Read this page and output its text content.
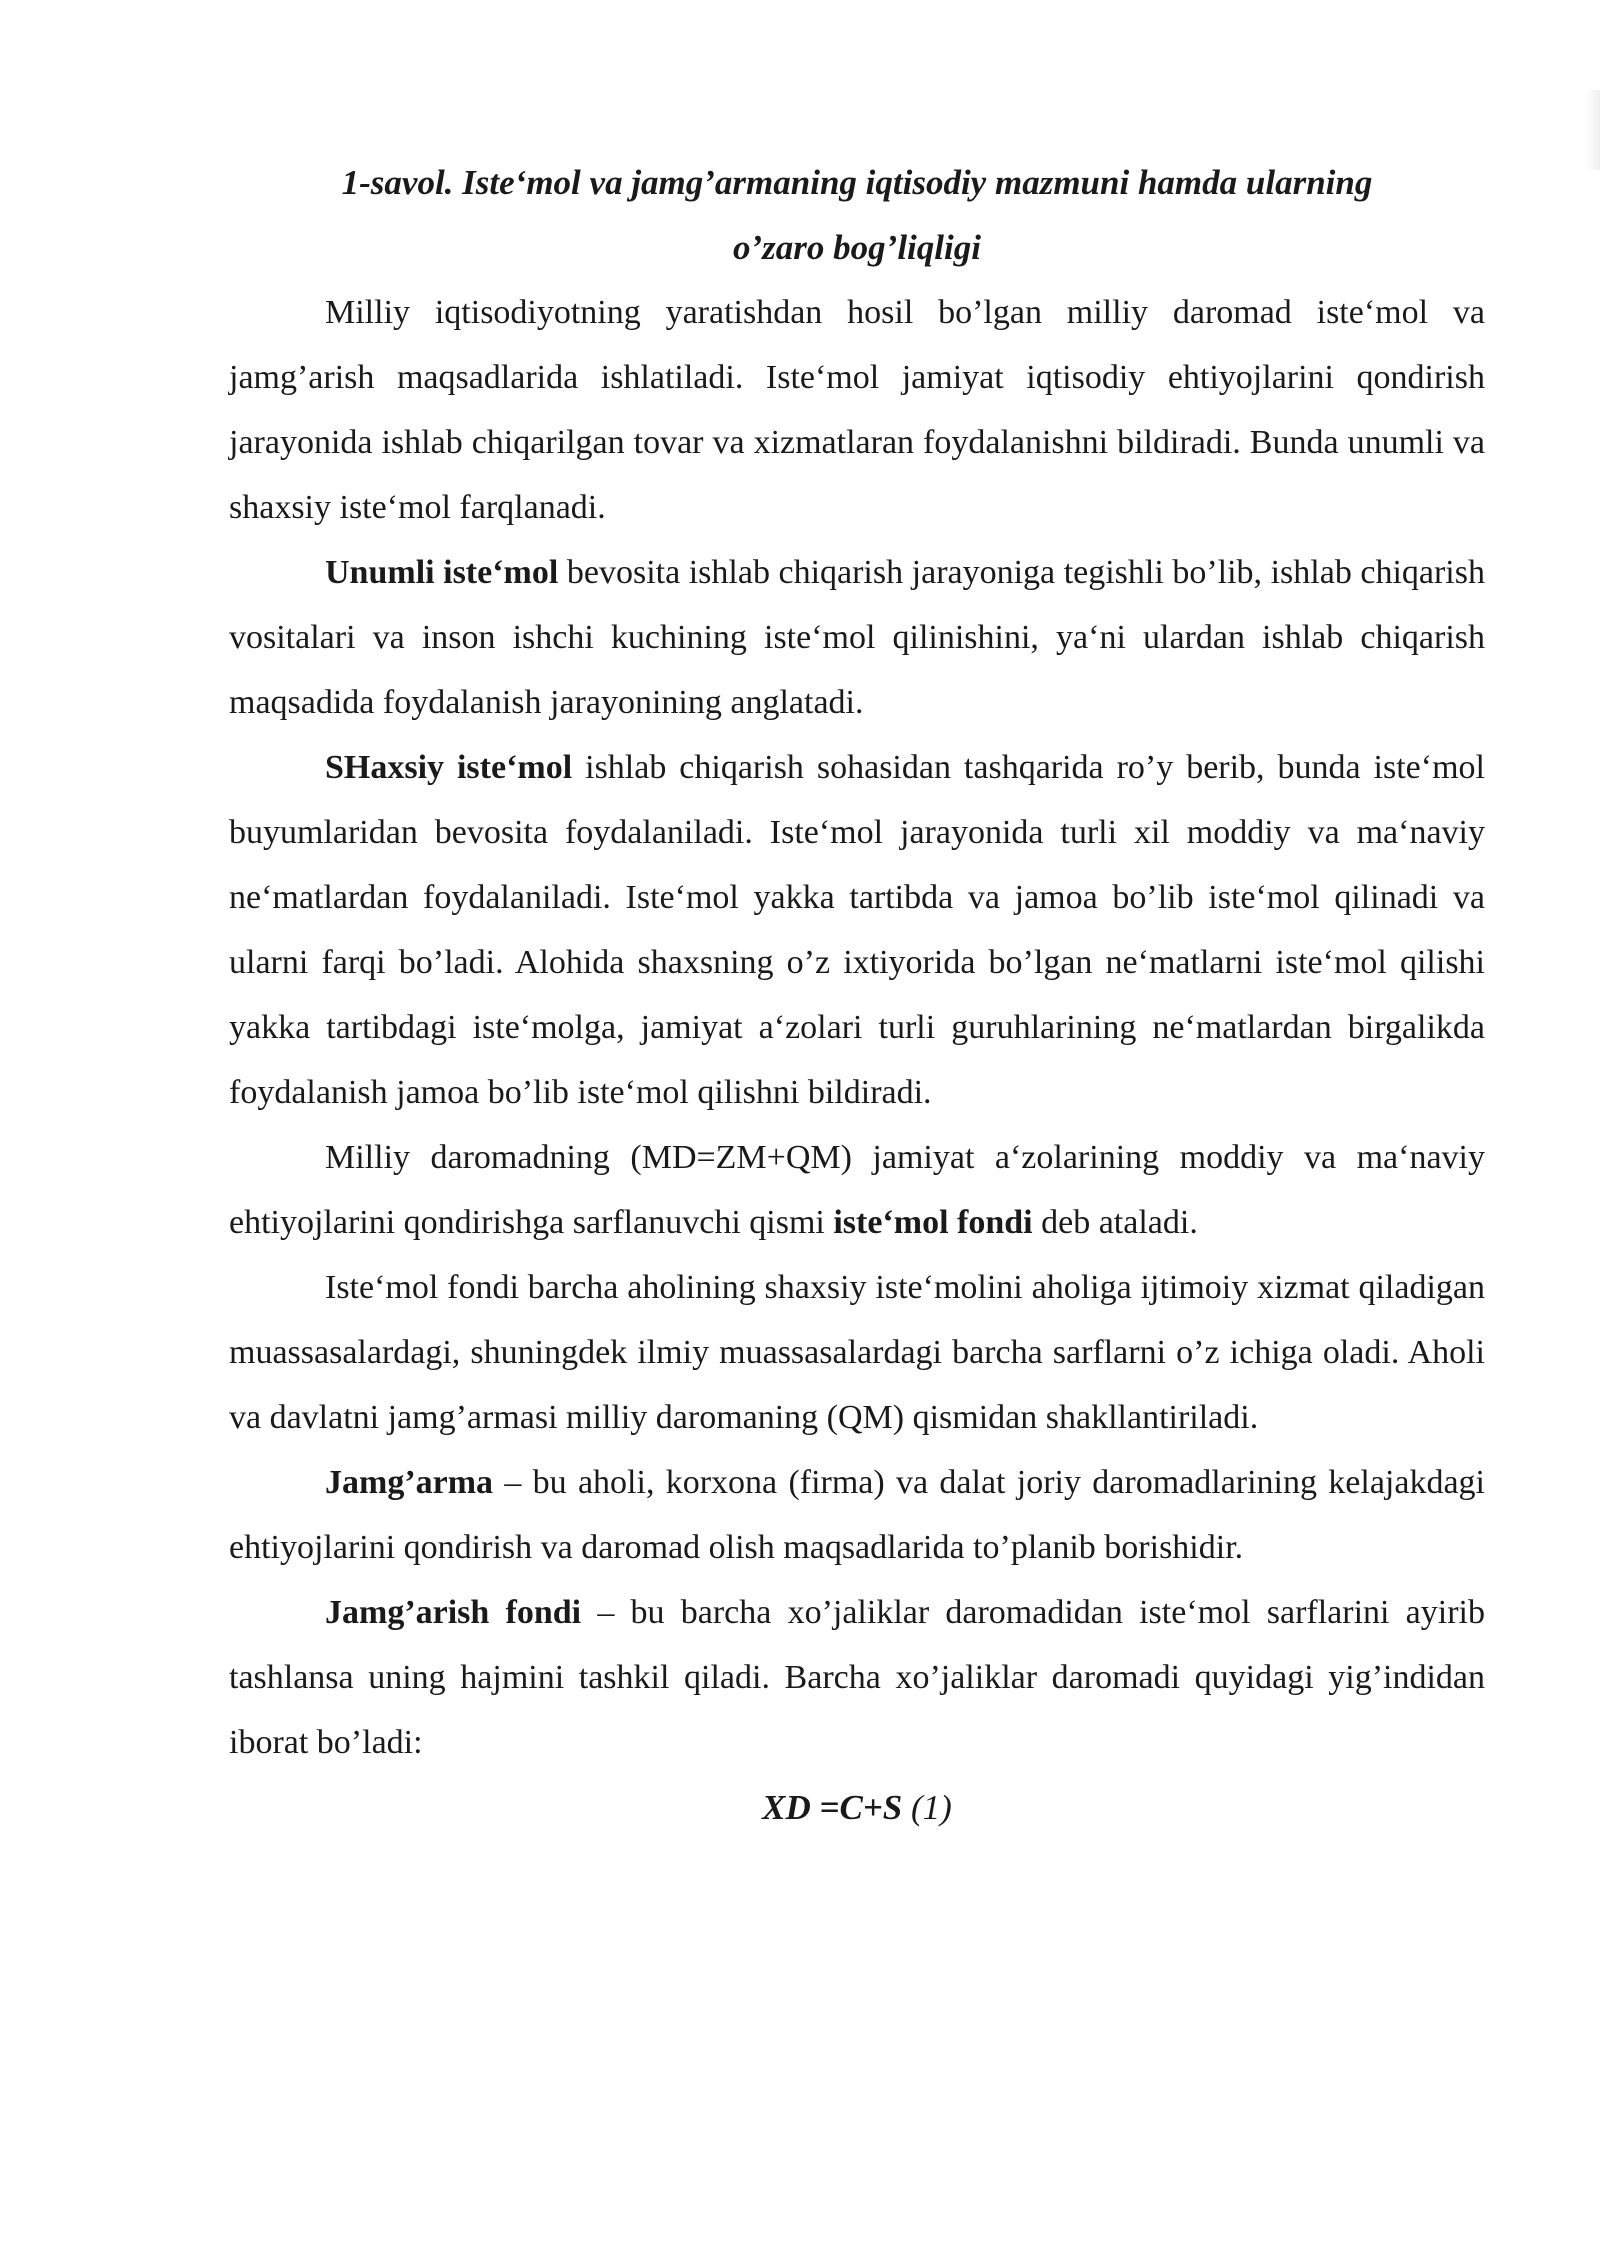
1-savol. Iste‘mol va jamg’armaning iqtisodiy mazmuni hamda ularning
o’zaro bog’liqligi

Milliy iqtisodiyotning yaratishdan hosil bo’lgan milliy daromad iste‘mol va jamg’arish maqsadlarida ishlatiladi. Iste‘mol jamiyat iqtisodiy ehtiyojlarini qondirish jarayonida ishlab chiqarilgan tovar va xizmatlaran foydalanishni bildiradi. Bunda unumli va shaxsiy iste‘mol farqlanadi.

Unumli iste‘mol bevosita ishlab chiqarish jarayoniga tegishli bo’lib, ishlab chiqarish vositalari va inson ishchi kuchining iste‘mol qilinishini, ya‘ni ulardan ishlab chiqarish maqsadida foydalanish jarayonining anglatadi.

SHaxsiy iste‘mol ishlab chiqarish sohasidan tashqarida ro’y berib, bunda iste‘mol buyumlaridan bevosita foydalaniladi. Iste‘mol jarayonida turli xil moddiy va ma‘naviy ne‘matlardan foydalaniladi. Iste‘mol yakka tartibda va jamoa bo’lib iste‘mol qilinadi va ularni farqi bo’ladi. Alohida shaxsning o’z ixtiyorida bo’lgan ne‘matlarni iste‘mol qilishi yakka tartibdagi iste‘molga, jamiyat a‘zolari turli guruhlarining ne‘matlardan birgalikda foydalanish jamoa bo’lib iste‘mol qilishni bildiradi.

Milliy daromadning (MD=ZM+QM) jamiyat a‘zolarining moddiy va ma‘naviy ehtiyojlarini qondirishga sarflanuvchi qismi iste‘mol fondi deb ataladi.

Iste‘mol fondi barcha aholining shaxsiy iste‘molini aholiga ijtimoiy xizmat qiladigan muassasalardagi, shuningdek ilmiy muassasalardagi barcha sarflarni o’z ichiga oladi. Aholi va davlatni jamg’armasi milliy daromaning (QM) qismidan shakllantiriladi.

Jamg’arma – bu aholi, korxona (firma) va dalat joriy daromadlarining kelajakdagi ehtiyojlarini qondirish va daromad olish maqsadlarida to’planib borishidir.

Jamg’arish fondi – bu barcha xo’jaliklar daromadidan iste‘mol sarflarini ayirib tashlansa uning hajmini tashkil qiladi. Barcha xo’jaliklar daromadi quyidagi yig’indidan iborat bo’ladi:

XD =C+S (1)
